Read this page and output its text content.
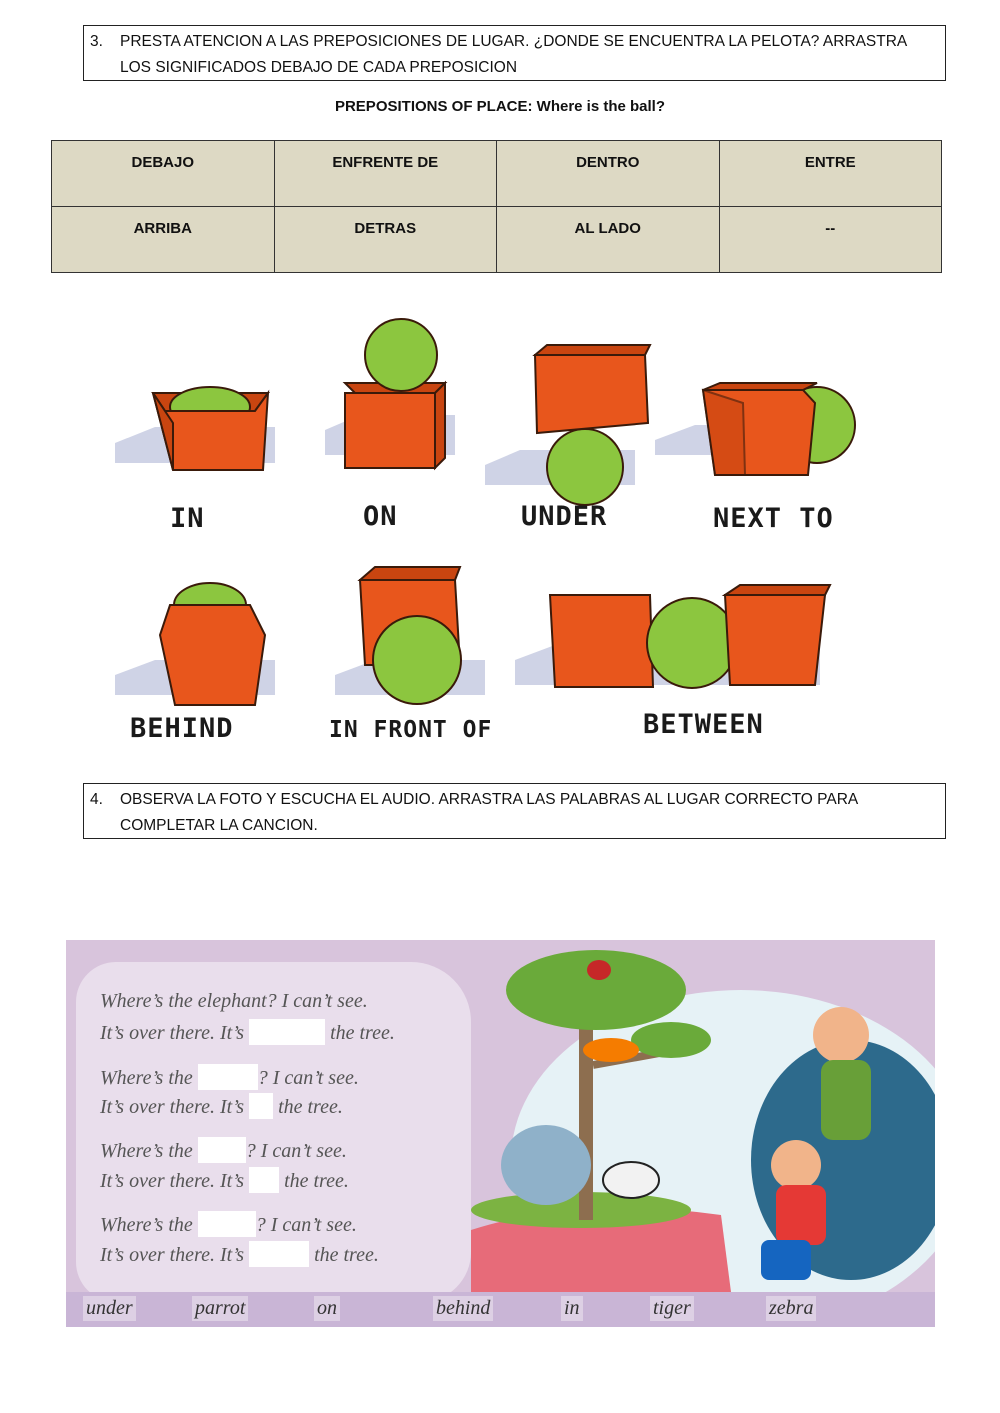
3.	PRESTA ATENCION A LAS PREPOSICIONES DE LUGAR. ¿DONDE SE ENCUENTRA LA PELOTA? ARRASTRA LOS SIGNIFICADOS DEBAJO DE CADA PREPOSICION
PREPOSITIONS OF PLACE: Where is the ball?
DEBAJO	ENFRENTE DE	DENTRO	ENTRE
ARRIBA	DETRAS	AL LADO	--
IN	ON	UNDER	NEXT TO
BEHIND	IN FRONT OF	BETWEEN
4.	OBSERVA LA FOTO Y ESCUCHA EL AUDIO. ARRASTRA LAS PALABRAS AL LUGAR CORRECTO PARA COMPLETAR LA CANCION.
Where’s the elephant? I can’t see.
It’s over there. It’s	the tree.
Where’s the	? I can’t see.
It’s over there. It’s the tree.
Where’s the	? I can’t see.
It’s over there. It’s the tree.
Where’s the	? I can’t see.
It’s over there. It’s	the tree.
under	parrot	on	behind	in	tiger	zebra
